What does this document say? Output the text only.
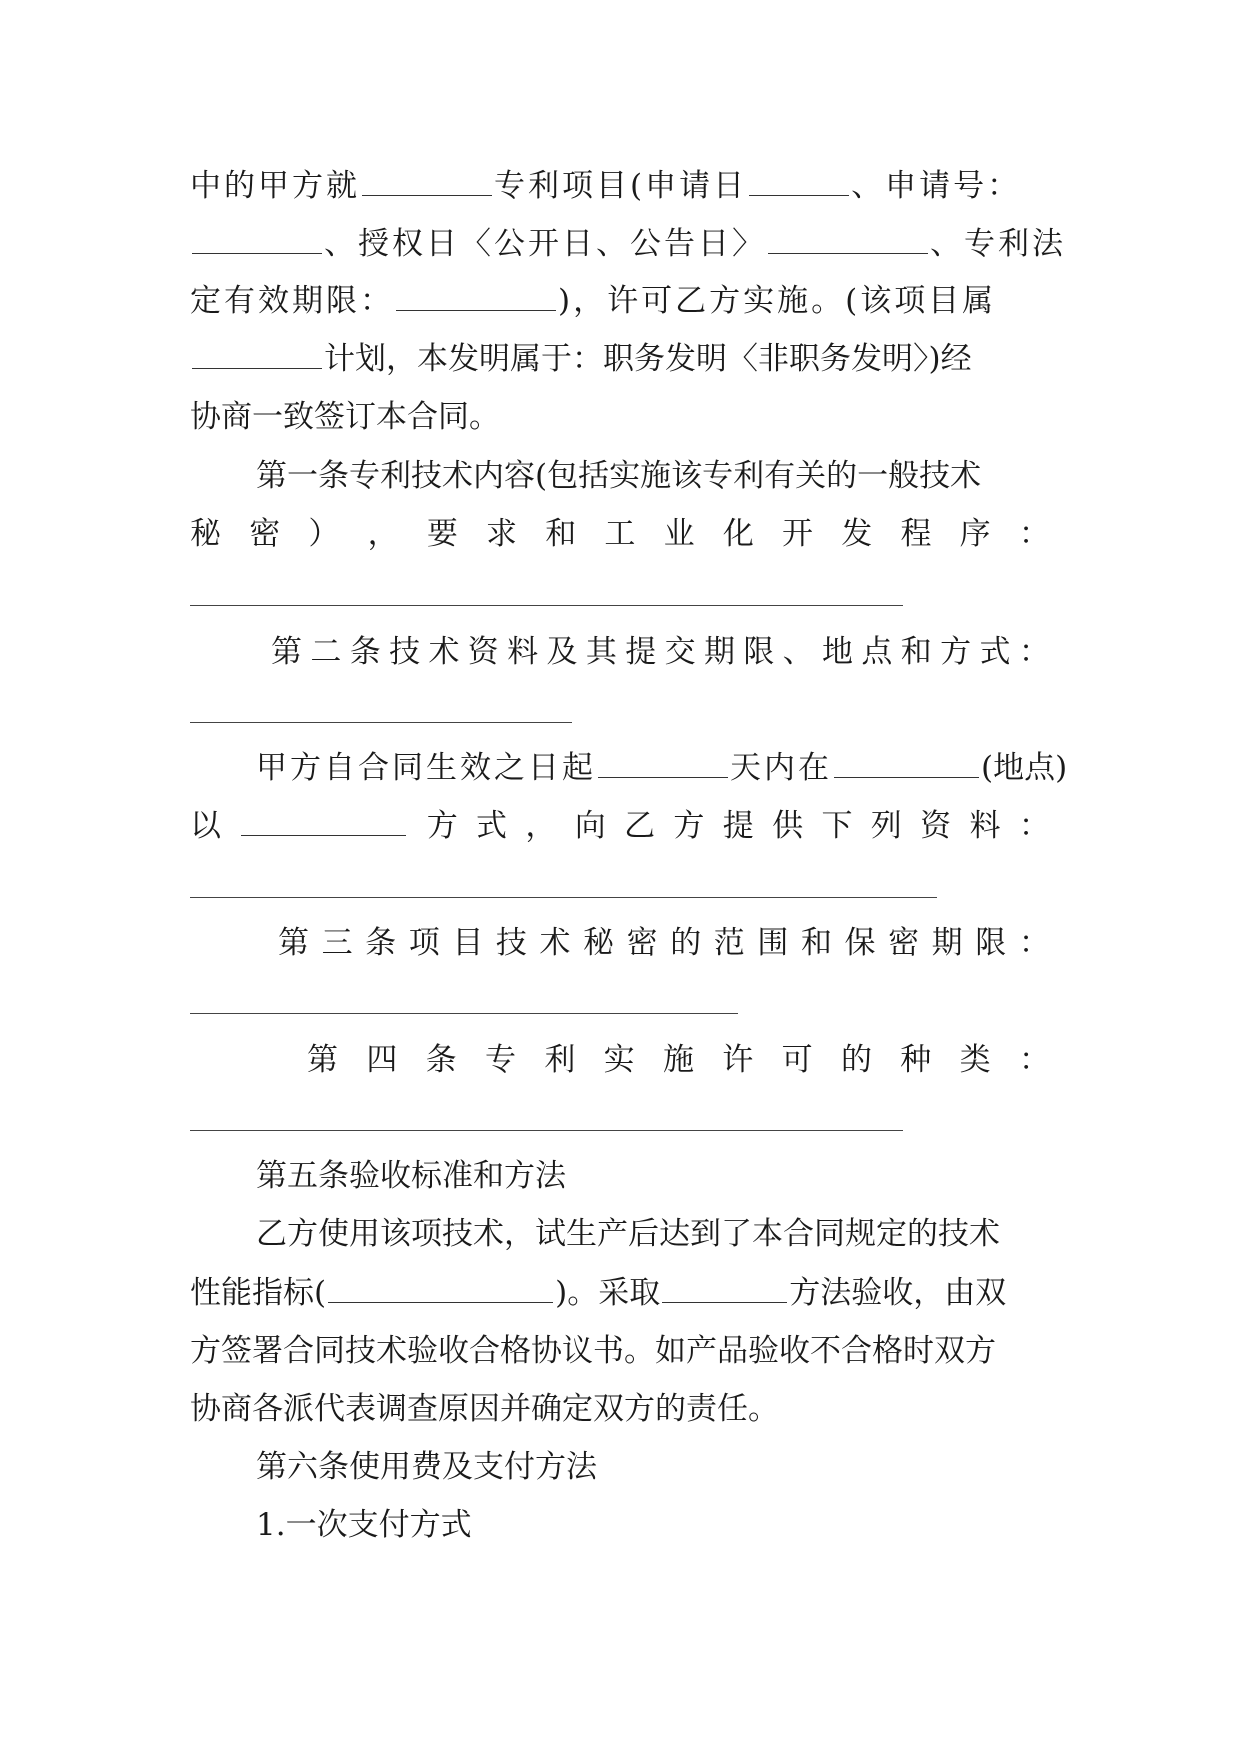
中的甲方就	专利项目(申请日	、申请号：
、授权日〈公开日、公告日〉	、专利法
定有效期限：	)，许可乙方实施。(该项目属
计划，本发明属于：职务发明〈非职务发明〉)经
协商一致签订本合同。
第一条专利技术内容(包括实施该专利有关的一般技术
秘 密 ） ， 要 求 和 工 业 化 开 发 程 序 ：
第 二 条 技 术 资 料 及 其 提 交 期 限 、 地 点 和 方 式 ：
甲方自合同生效之日起	天内在	(地点)
以	方 式 ， 向 乙 方 提 供 下 列 资 料 ：
第 三 条 项 目 技 术 秘 密 的 范 围 和 保 密 期 限 ：
第 四 条 专 利 实 施 许 可 的 种 类 ：
第五条验收标准和方法
乙方使用该项技术，试生产后达到了本合同规定的技术
性能指标(	)。采取	方法验收，由双
方签署合同技术验收合格协议书。如产品验收不合格时双方
协商各派代表调查原因并确定双方的责任。
第六条使用费及支付方法
1.一次支付方式
